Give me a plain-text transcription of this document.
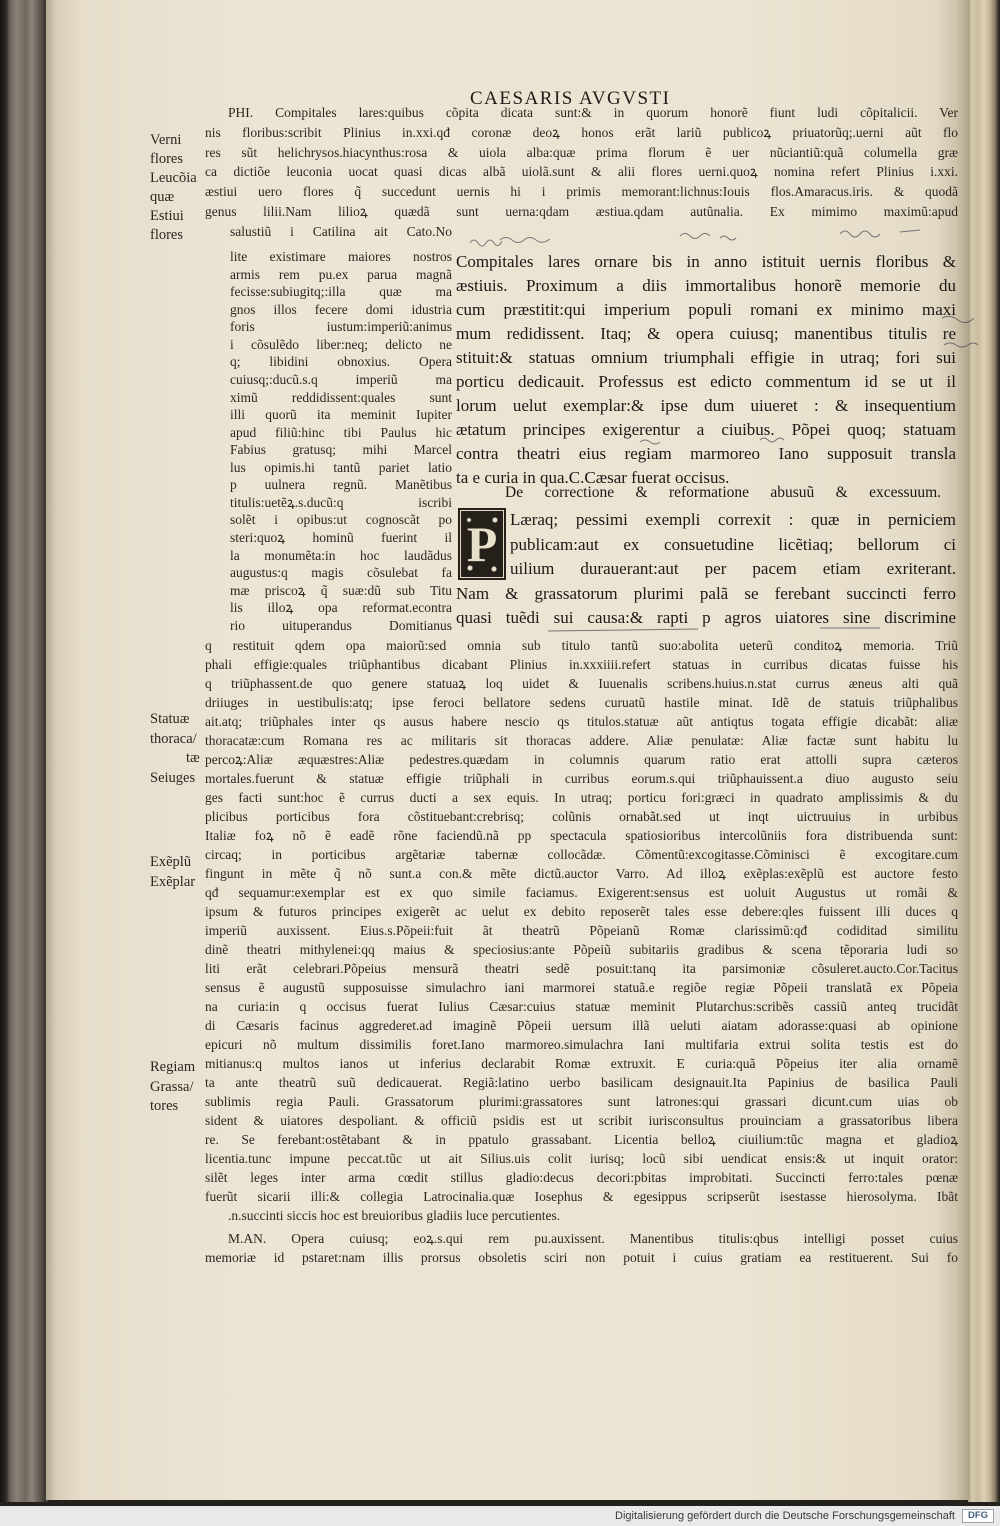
CAESARIS AVGVSTI
Verni
flores
Leucõia
quæ
Estiui
flores
Statuæ
thoraca/
tæ
Seiuges
Exẽplũ
Exẽplar
Regiam
Grassa/
tores
PHI. Compitales lares:quibus cõpita dicata sunt:& in quorum honorẽ fiunt ludi cõpitalicii. Ver
nis floribus:scribit Plinius in.xxi.qđ coronæ deoꝝ honos erãt lariũ publicoꝝ priuatorũq;.uerni aũt flo
res sũt helichrysos.hiacynthus:rosa & uiola alba:quæ prima florum ẽ uer nũciantiũ:quã columella græ
ca dictiõe leuconia uocat quasi dicas albã uiolã.sunt & alii flores uerni.quoꝝ nomina refert Plinius i.xxi.
æstiui uero flores q̃ succedunt uernis hi i primis memorant:lichnus:Iouis flos.Amaracus.iris. & quodã
genus lilii.Nam lilioꝝ quædã sunt uerna:qdam æstiua.qdam autũnalia. Ex mimimo maximũ:apud
salustiũ i Catilina ait Cato.No
lite existimare maiores nostros
armis rem pu.ex parua magnã
fecisse:subiugitq;:illa quæ ma
gnos illos fecere domi idustria
foris iustum:imperiũ:animus
i cõsulẽdo liber:neq; delicto ne
q; libidini obnoxius. Opera
cuiusq;:ducũ.s.q imperiũ ma
ximũ reddidissent:quales sunt
illi quorũ ita meminit Iupiter
apud filiũ:hinc tibi Paulus hic
Fabius gratusq; mihi Marcel
lus opimis.hi tantũ pariet latio
p uulnera regnũ. Manẽtibus
titulis:uetẽꝝ.s.ducũ:q iscribi
solẽt i opibus:ut cognoscãt po
steri:quoꝝ hominũ fuerint il
la monumẽta:in hoc laudãdus
augustus:q magis cõsulebat fa
mæ priscoꝝ q̃ suæ:dũ sub Titu
lis illoꝝ opa reformat.econtra
rio uituperandus Domitianus
Compitales lares ornare bis in anno istituit uernis floribus &
æstiuis. Proximum a diis immortalibus honorẽ memorie du
cum præstitit:qui imperium populi romani ex minimo maxi
mum redidissent. Itaq; & opera cuiusq; manentibus titulis re
stituit:& statuas omnium triumphali effigie in utraq; fori sui
porticu dedicauit. Professus est edicto commentum id se ut il
lorum uelut exemplar:& ipse dum uiueret : & insequentium
ætatum principes exigerentur a ciuibus. Põpei quoq; statuam
contra theatri eius regiam marmoreo Iano supposuit transla
ta e curia in qua.C.Cæsar fuerat occisus.
De correctione & reformatione abusuũ & excessuum.
P Læraq; pessimi exempli correxit : quæ in perniciem
publicam:aut ex consuetudine licẽtiaq; bellorum ci
uilium durauerant:aut per pacem etiam exriterant.
Nam & grassatorum plurimi palã se ferebant succincti ferro
quasi tuẽdi sui causa:& rapti p agros uiatores sine discrimine
q restituit qdem opa maiorũ:sed omnia sub titulo tantũ suo:abolita ueterũ conditoꝝ memoria. Triũ
phali effigie:quales triũphantibus dicabant Plinius in.xxxiiii.refert statuas in curribus dicatas fuisse his
q triũphassent.de quo genere statuaꝝ loq uidet & Iuuenalis scribens.huius.n.stat currus æneus alti quã
driiuges in uestibulis:atq; ipse feroci bellatore sedens curuatũ hastile minat. Idẽ de statuis triũphalibus
ait.atq; triũphales inter qs ausus habere nescio qs titulos.statuæ aũt antiqtus togata effigie dicabãt: aliæ
thoracatæ:cum Romana res ac militaris sit thoracas addere. Aliæ penulatæ: Aliæ factæ sunt habitu lu
percoꝝ:Aliæ æquæstres:Aliæ pedestres.quædam in columnis quarum ratio erat attolli supra cæteros
mortales.fuerunt & statuæ effigie triũphali in curribus eorum.s.qui triũphauissent.a diuo augusto seiu
ges facti sunt:hoc ẽ currus ducti a sex equis. In utraq; porticu fori:græci in quadrato amplissimis & du
plicibus porticibus fora cõstituebant:crebrisq; colũnis ornabãt.sed ut inqt uictruuius in urbibus
Italiæ foꝝ nõ ẽ eadẽ rõne faciendũ.nã pp spectacula spatiosioribus intercolũniis fora distribuenda sunt:
circaq; in porticibus argẽtariæ tabernæ collocãdæ. Cõmentũ:excogitasse.Cõminisci ẽ excogitare.cum
fingunt in mẽte q̃ nõ sunt.a con.& mẽte dictũ.auctor Varro. Ad illoꝝ exẽplas:exẽplũ est auctore festo
qđ sequamur:exemplar est ex quo simile faciamus. Exigerent:sensus est uoluit Augustus ut romãi &
ipsum & futuros principes exigerẽt ac uelut ex debito reposerẽt tales esse debere:qles fuissent illi duces q
imperiũ auxissent. Eius.s.Põpeii:fuit ãt theatrũ Põpeianũ Romæ clarissimũ:qđ codiditad similitu
dinẽ theatri mithylenei:qq maius & speciosius:ante Põpeiũ subitariis gradibus & scena tẽporaria ludi so
liti erãt celebrari.Põpeius mensurã theatri sedẽ posuit:tanq ita parsimoniæ cõsuleret.aucto.Cor.Tacitus
sensus ẽ augustũ supposuisse simulachro iani marmorei statuã.e regiõe regiæ Põpeii translatã ex Põpeia
na curia:in q occisus fuerat Iulius Cæsar:cuius statuæ meminit Plutarchus:scribẽs cassiũ anteq trucidãt
di Cæsaris facinus aggrederet.ad imaginẽ Põpeii uersum illã ueluti aiatam adorasse:quasi ab opinione
epicuri nõ multum dissimilis foret.Iano marmoreo.simulachra Iani multifaria extrui solita testis est do
mitianus:q multos ianos ut inferius declarabit Romæ extruxit. E curia:quã Põpeius iter alia ornamẽ
ta ante theatrũ suũ dedicauerat. Regiã:latino uerbo basilicam designauit.Ita Papinius de basilica Pauli
sublimis regia Pauli. Grassatorum plurimi:grassatores sunt latrones:qui grassari dicunt.cum uias ob
sident & uiatores despoliant. & officiũ psidis est ut scribit iurisconsultus prouinciam a grassatoribus libera
re. Se ferebant:ostẽtabant & in ppatulo grassabant. Licentia belloꝝ ciuilium:tũc magna et gladioꝝ
licentia.tunc impune peccat.tũc ut ait Silius.uis colit iurisq; locũ sibi uendicat ensis:& ut inquit orator:
silẽt leges inter arma cœdit stillus gladio:decus decori:pbitas improbitati. Succincti ferro:tales pœnæ
fuerũt sicarii illi:& collegia Latrocinalia.quæ Iosephus & egesippus scripserũt isestasse hierosolyma. Ibãt
.n.succinti siccis hoc est breuioribus gladiis luce percutientes.
M.AN. Opera cuiusq; eoꝝ.s.qui rem pu.auxissent. Manentibus titulis:qbus intelligi posset cuius
memoriæ id pstaret:nam illis prorsus obsoletis sciri non potuit i cuius gratiam ea restituerent. Sui fo
Digitalisierung gefördert durch die Deutsche Forschungsgemeinschaft	DFG
